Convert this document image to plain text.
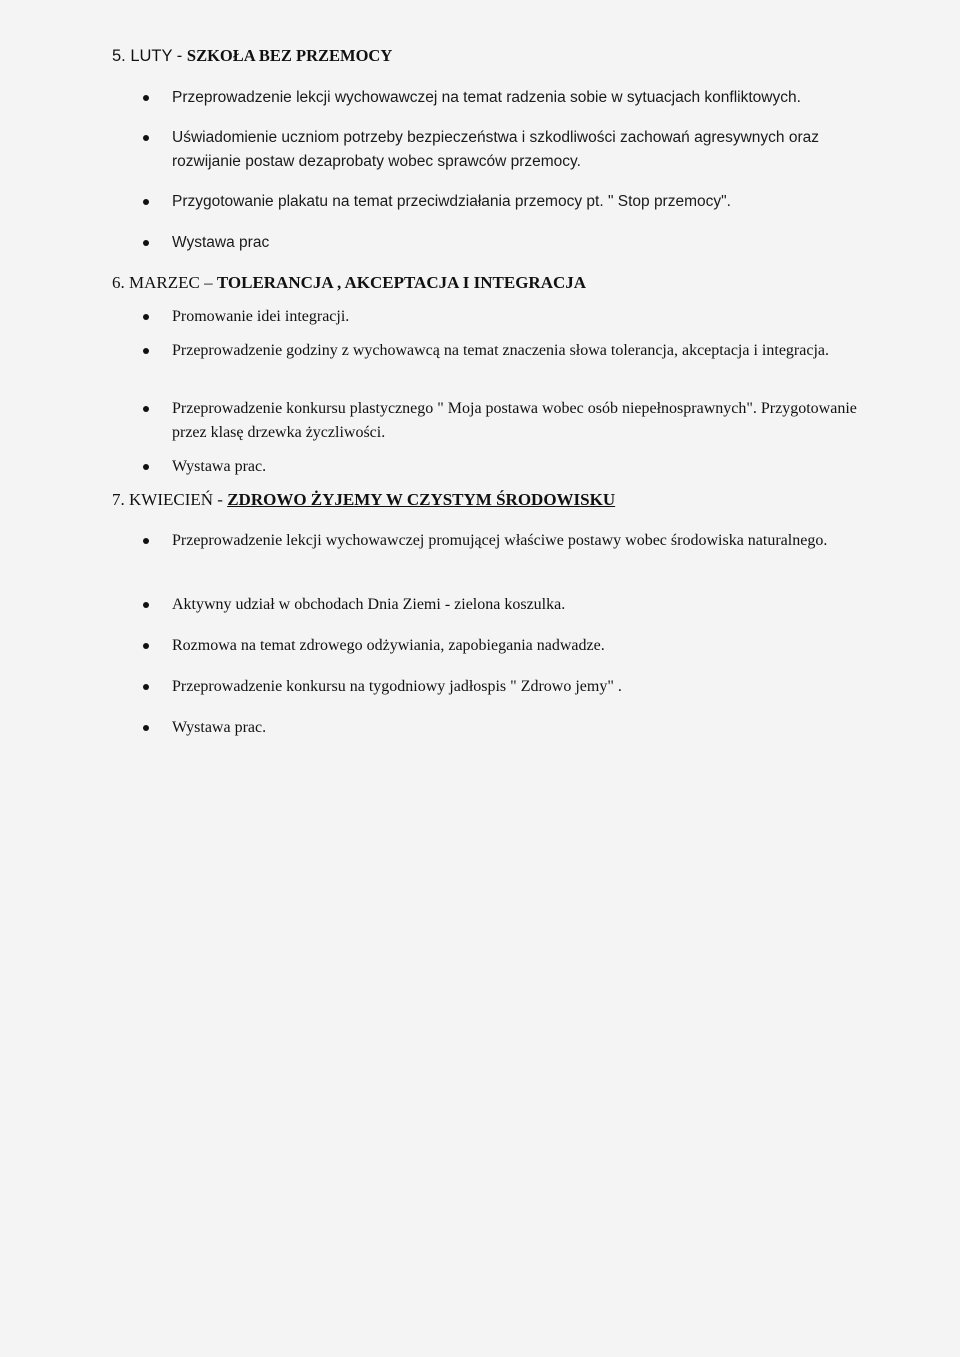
5. LUTY - SZKOŁA BEZ PRZEMOCY
Przeprowadzenie lekcji wychowawczej na temat radzenia sobie w sytuacjach konfliktowych.
Uświadomienie uczniom potrzeby bezpieczeństwa i szkodliwości zachowań agresywnych oraz rozwijanie postaw dezaprobaty wobec sprawców przemocy.
Przygotowanie plakatu na temat przeciwdziałania przemocy pt. " Stop przemocy".
Wystawa prac
6. MARZEC – TOLERANCJA , AKCEPTACJA I INTEGRACJA
Promowanie idei integracji.
Przeprowadzenie godziny z wychowawcą na temat znaczenia słowa tolerancja, akceptacja i integracja.
Przeprowadzenie konkursu plastycznego " Moja postawa wobec osób niepełnosprawnych". Przygotowanie przez klasę drzewka życzliwości.
Wystawa prac.
7. KWIECIEŃ - ZDROWO ŻYJEMY W CZYSTYM ŚRODOWISKU
Przeprowadzenie lekcji wychowawczej promującej właściwe postawy wobec środowiska naturalnego.
Aktywny udział w obchodach Dnia Ziemi - zielona koszulka.
Rozmowa na temat zdrowego odżywiania, zapobiegania nadwadze.
Przeprowadzenie konkursu na tygodniowy jadłospis " Zdrowo jemy" .
Wystawa prac.
